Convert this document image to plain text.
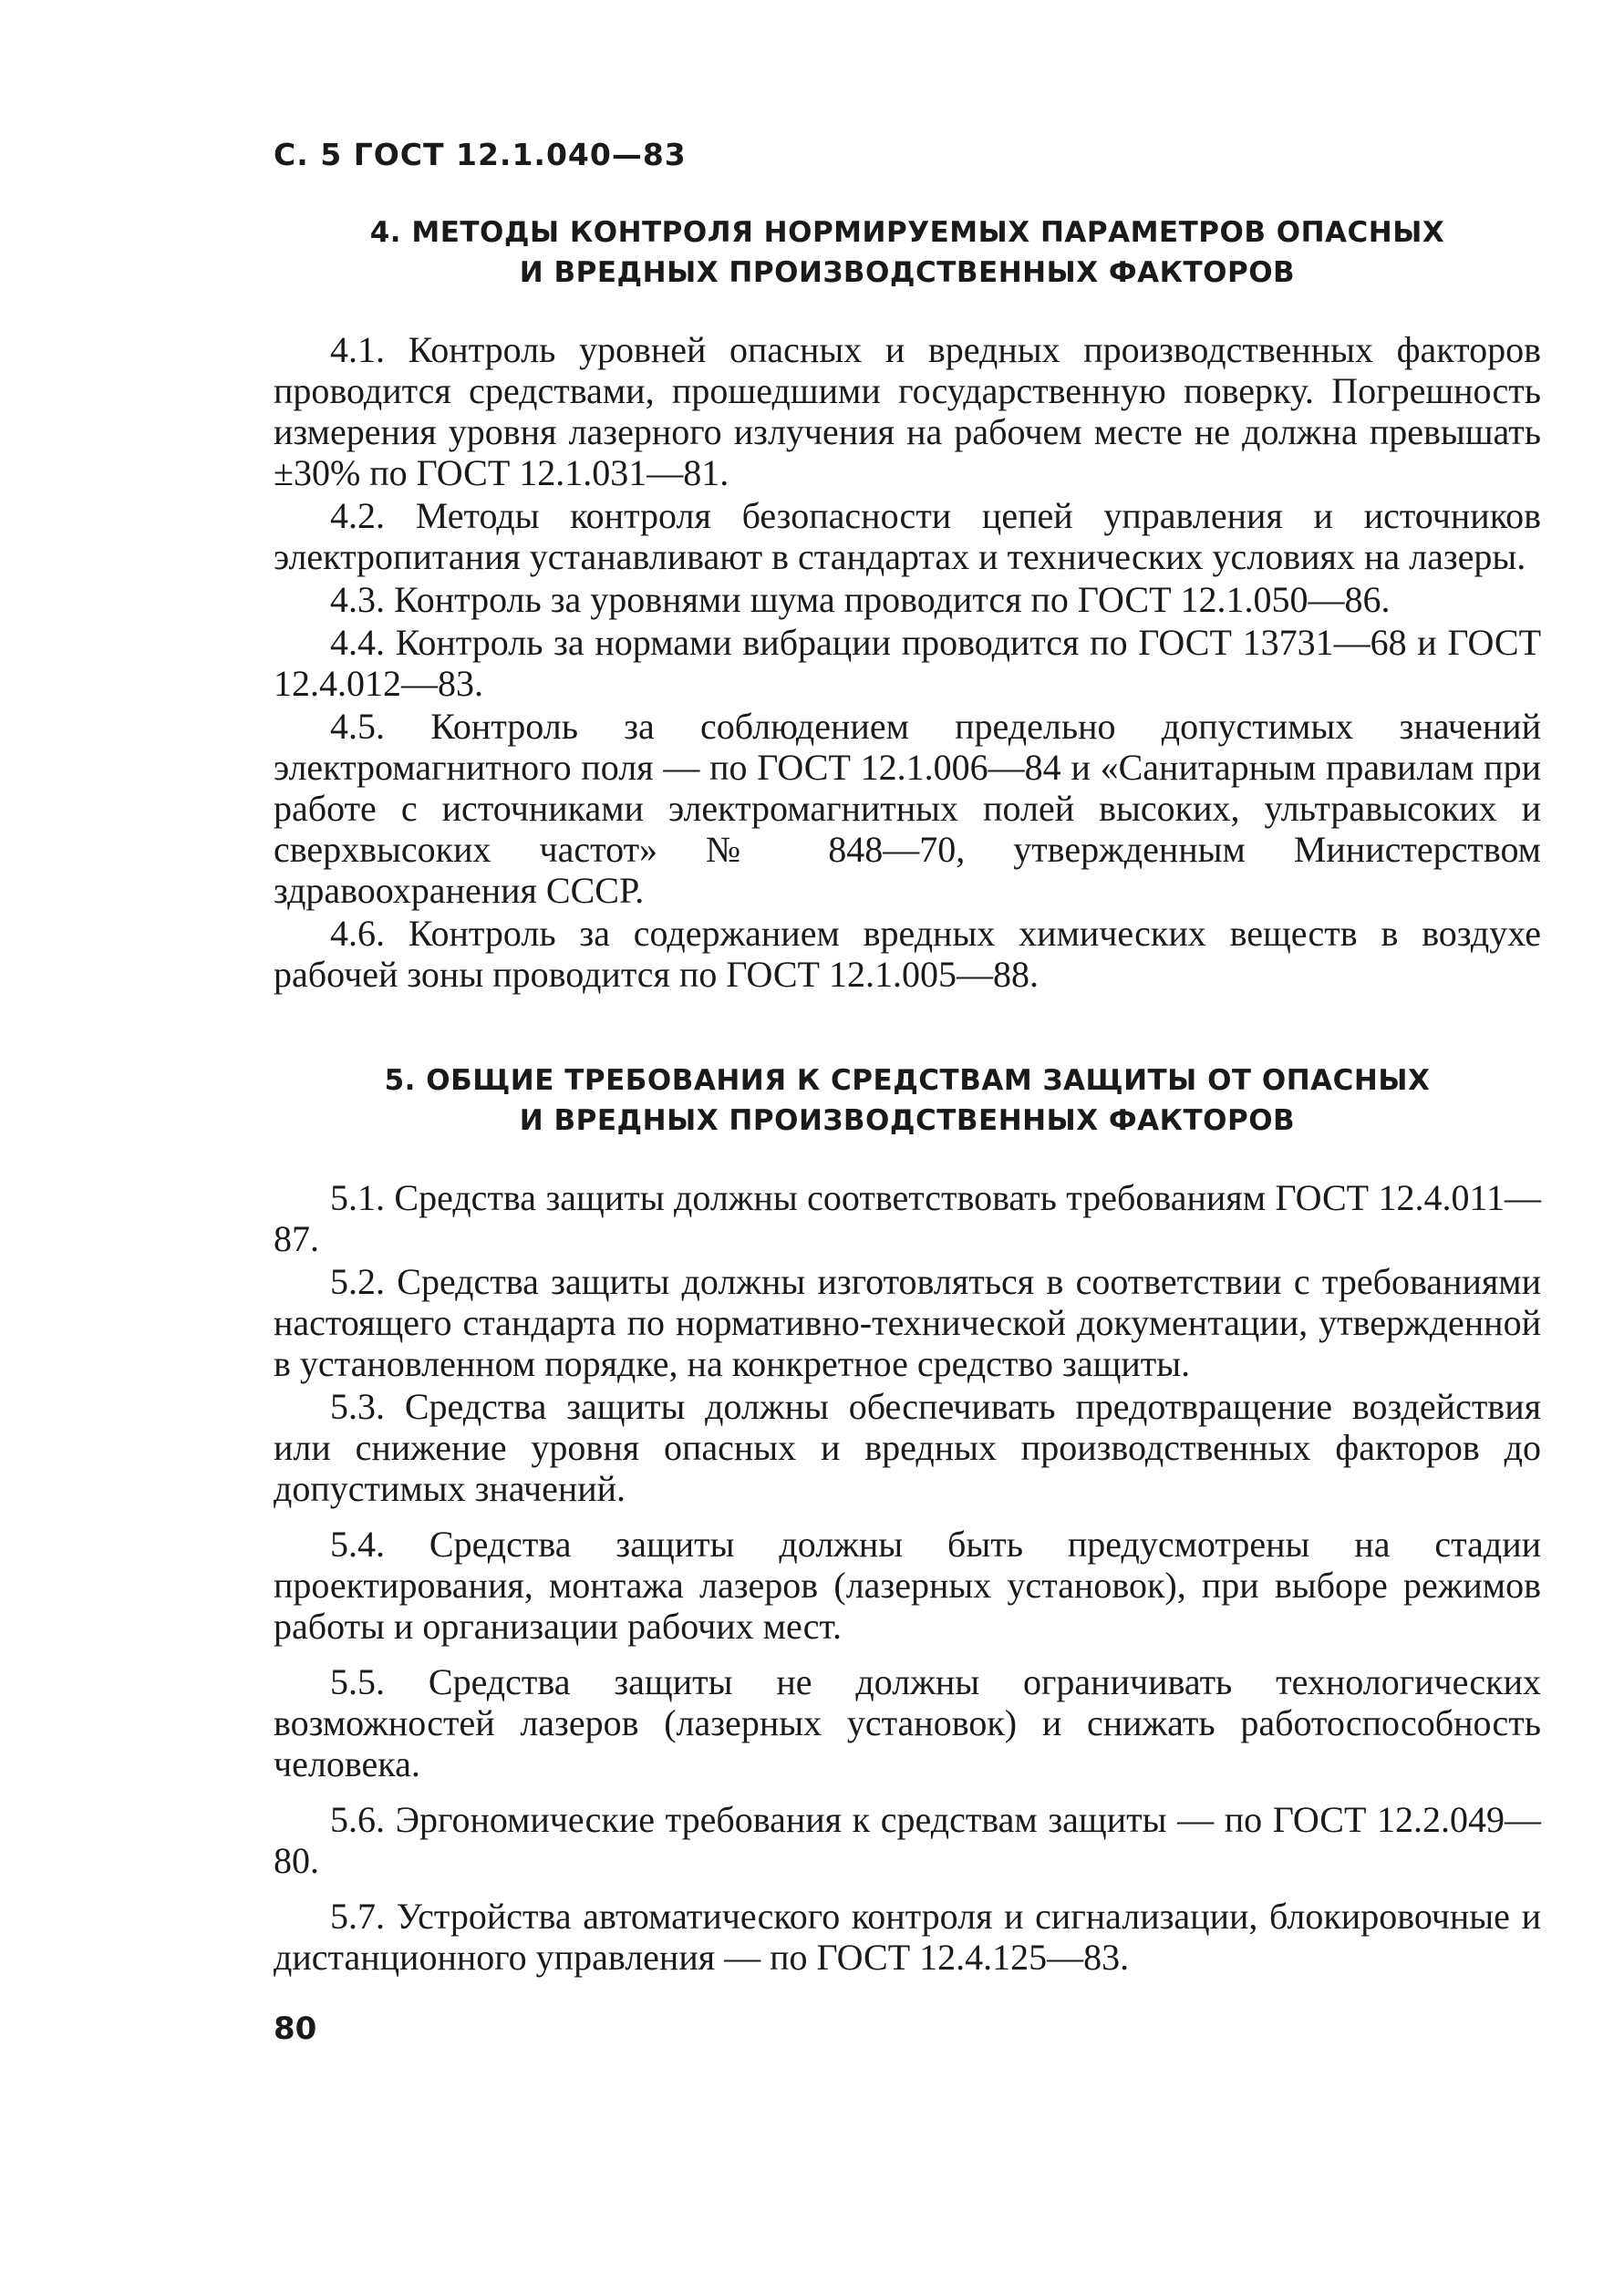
С. 5 ГОСТ 12.1.040—83
4. МЕТОДЫ КОНТРОЛЯ НОРМИРУЕМЫХ ПАРАМЕТРОВ ОПАСНЫХ
И ВРЕДНЫХ ПРОИЗВОДСТВЕННЫХ ФАКТОРОВ

4.1. Контроль уровней опасных и вредных производственных факторов проводится средствами, прошедшими государственную поверку. Погрешность измерения уровня лазерного излучения на рабочем месте не должна превышать ±30% по ГОСТ 12.1.031—81.

4.2. Методы контроля безопасности цепей управления и источников электропитания устанавливают в стандартах и технических условиях на лазеры.

4.3. Контроль за уровнями шума проводится по ГОСТ 12.1.050—86.

4.4. Контроль за нормами вибрации проводится по ГОСТ 13731—68 и ГОСТ 12.4.012—83.

4.5. Контроль за соблюдением предельно допустимых значений электромагнитного поля — по ГОСТ 12.1.006—84 и «Санитарным правилам при работе с источниками электромагнитных полей высоких, ультравысоких и сверхвысоких частот» № 848—70, утвержденным Министерством здравоохранения СССР.

4.6. Контроль за содержанием вредных химических веществ в воздухе рабочей зоны проводится по ГОСТ 12.1.005—88.

5. ОБЩИЕ ТРЕБОВАНИЯ К СРЕДСТВАМ ЗАЩИТЫ ОТ ОПАСНЫХ
И ВРЕДНЫХ ПРОИЗВОДСТВЕННЫХ ФАКТОРОВ

5.1. Средства защиты должны соответствовать требованиям ГОСТ 12.4.011—87.

5.2. Средства защиты должны изготовляться в соответствии с требованиями настоящего стандарта по нормативно-технической документации, утвержденной в установленном порядке, на конкретное средство защиты.

5.3. Средства защиты должны обеспечивать предотвращение воздействия или снижение уровня опасных и вредных производственных факторов до допустимых значений.

5.4. Средства защиты должны быть предусмотрены на стадии проектирования, монтажа лазеров (лазерных установок), при выборе режимов работы и организации рабочих мест.

5.5. Средства защиты не должны ограничивать технологических возможностей лазеров (лазерных установок) и снижать работоспособность человека.

5.6. Эргономические требования к средствам защиты — по ГОСТ 12.2.049—80.

5.7. Устройства автоматического контроля и сигнализации, блокировочные и дистанционного управления — по ГОСТ 12.4.125—83.

80
